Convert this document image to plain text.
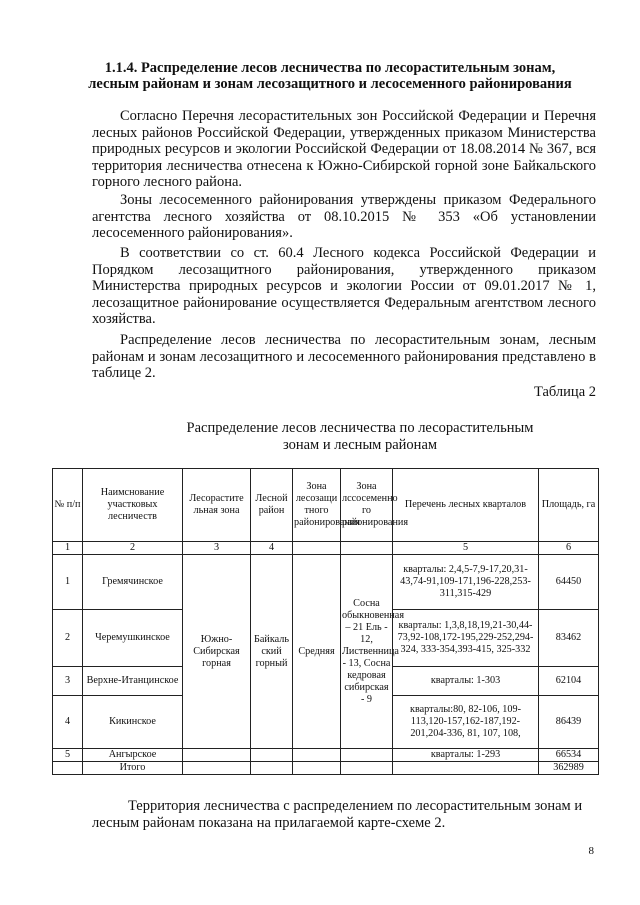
1.1.4. Распределение лесов лесничества по лесорастительным зонам,
лесным районам и зонам лесозащитного и лесосеменного районирования
Согласно Перечня лесорастительных зон Российской Федерации и Перечня лесных районов Российской Федерации, утвержденных приказом Министерства природных ресурсов и экологии Российской Федерации от 18.08.2014 № 367, вся территория лесничества отнесена к Южно-Сибирской горной зоне Байкальского горного лесного района.
Зоны лесосеменного районирования утверждены приказом Федерального агентства лесного хозяйства от 08.10.2015 № 353 «Об установлении лесосеменного районирования».
В соответствии со ст. 60.4 Лесного кодекса Российской Федерации и Порядком лесозащитного районирования, утвержденного приказом Министерства природных ресурсов и экологии России от 09.01.2017 № 1, лесозащитное районирование осуществляется Федеральным агентством лесного хозяйства.
Распределение лесов лесничества по лесорастительным зонам, лесным районам и зонам лесозащитного и лесосеменного районирования представлено в таблице 2.
Таблица 2
Распределение лесов лесничества по лесорастительным
зонам и лесным районам
№ п/п	Наимснование участковых лесничеств	Лесорастите льная зона	Лесной район	Зона лесозащи тного районирования	Зона лссосеменно го районирования	Перечень лесных кварталов	Площадь, га
1	2	3	4			5	6
1	Гремячинское	Южно-Сибирская горная	Байкаль ский горный	Средняя	Сосна обыкновенная – 21 Ель - 12, Лиственница - 13, Сосна кедровая сибирская - 9	кварталы: 2,4,5-7,9-17,20,31-43,74-91,109-171,196-228,253-311,315-429	64450
2	Черемушкинское					кварталы: 1,3,8,18,19,21-30,44-73,92-108,172-195,229-252,294-324, 333-354,393-415, 325-332	83462
3	Верхне-Итанцинское					кварталы: 1-303	62104
4	Кикинское					кварталы:80, 82-106, 109-113,120-157,162-187,192-201,204-336, 81, 107, 108,	86439
5	Ангырское					кварталы: 1-293	66534
	Итого						362989
Территория лесничества с распределением по лесорастительным зонам и лесным районам показана на прилагаемой карте-схеме 2.
8
